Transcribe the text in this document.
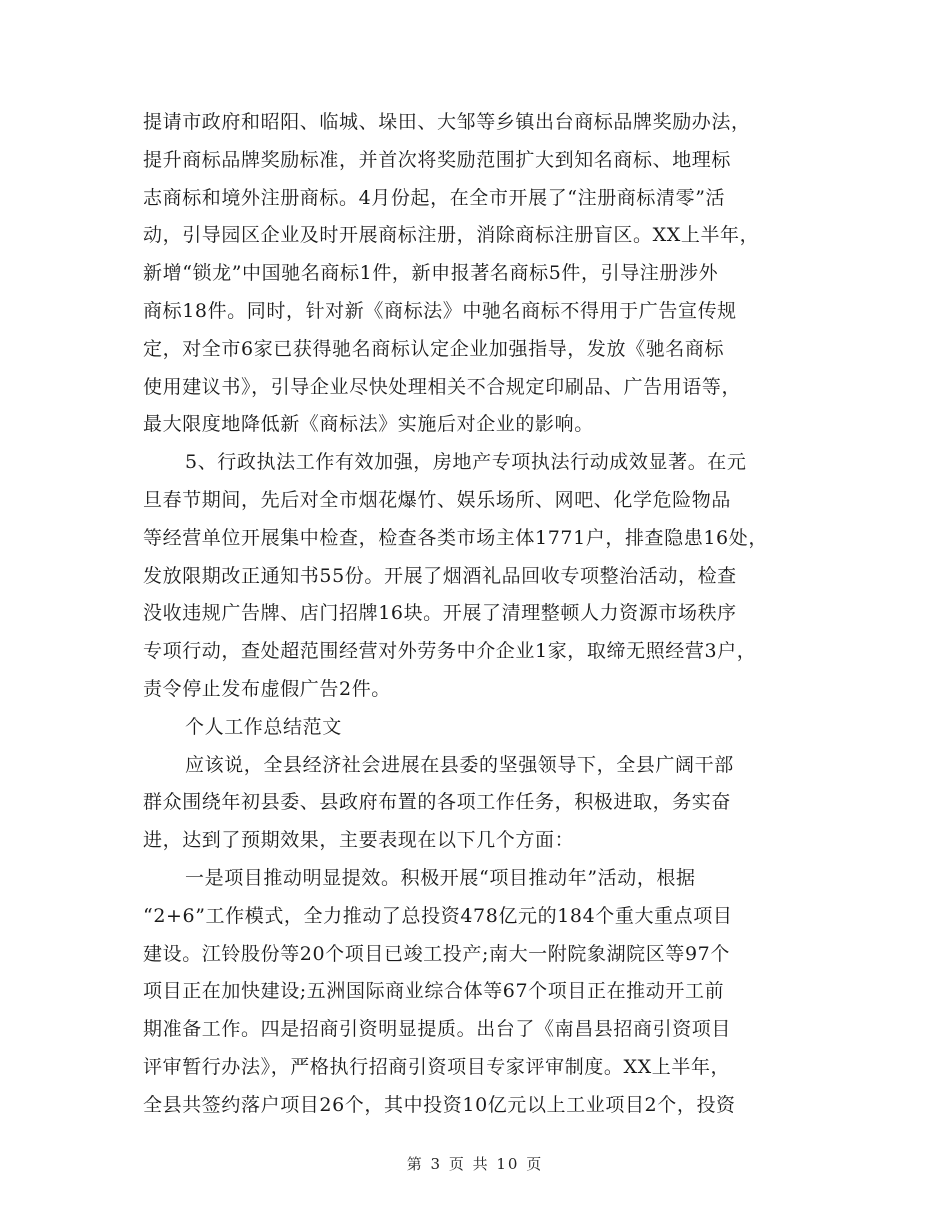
提请市政府和昭阳、临城、垛田、大邹等乡镇出台商标品牌奖励办法，
提升商标品牌奖励标准，并首次将奖励范围扩大到知名商标、地理标
志商标和境外注册商标。4月份起，在全市开展了“注册商标清零”活
动，引导园区企业及时开展商标注册，消除商标注册盲区。XX上半年，
新增“锁龙”中国驰名商标1件，新申报著名商标5件，引导注册涉外
商标18件。同时，针对新《商标法》中驰名商标不得用于广告宣传规
定，对全市6家已获得驰名商标认定企业加强指导，发放《驰名商标
使用建议书》，引导企业尽快处理相关不合规定印刷品、广告用语等，
最大限度地降低新《商标法》实施后对企业的影响。
5、行政执法工作有效加强，房地产专项执法行动成效显著。在元
旦春节期间，先后对全市烟花爆竹、娱乐场所、网吧、化学危险物品
等经营单位开展集中检查，检查各类市场主体1771户，排查隐患16处，
发放限期改正通知书55份。开展了烟酒礼品回收专项整治活动，检查
没收违规广告牌、店门招牌16块。开展了清理整顿人力资源市场秩序
专项行动，查处超范围经营对外劳务中介企业1家，取缔无照经营3户，
责令停止发布虚假广告2件。
个人工作总结范文
应该说，全县经济社会进展在县委的坚强领导下，全县广阔干部
群众围绕年初县委、县政府布置的各项工作任务，积极进取，务实奋
进，达到了预期效果，主要表现在以下几个方面：
一是项目推动明显提效。积极开展“项目推动年”活动，根据
“2+6”工作模式，全力推动了总投资478亿元的184个重大重点项目
建设。江铃股份等20个项目已竣工投产;南大一附院象湖院区等97个
项目正在加快建设;五洲国际商业综合体等67个项目正在推动开工前
期准备工作。四是招商引资明显提质。出台了《南昌县招商引资项目
评审暂行办法》，严格执行招商引资项目专家评审制度。XX上半年，
全县共签约落户项目26个，其中投资10亿元以上工业项目2个，投资
第 3 页 共 10 页
